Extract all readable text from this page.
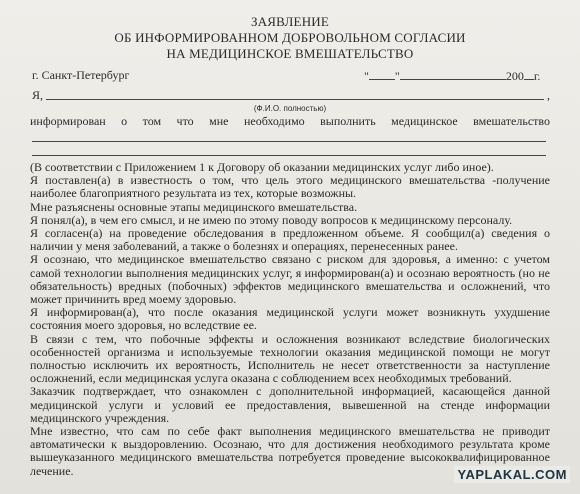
ЗАЯВЛЕНИЕ
ОБ ИНФОРМИРОВАННОМ ДОБРОВОЛЬНОМ СОГЛАСИИ
НА МЕДИЦИНСКОЕ ВМЕШАТЕЛЬСТВО
г. Санкт-Петербург	" "	200 г.
Я,	,
(Ф.И.О. полностью)
информирован о том что мне необходимо выполнить медицинское вмешательство

(В соответствии с Приложением 1 к Договору об оказании медицинских услуг либо иное).

Я поставлен(а) в известность о том, что цель этого медицинского вмешательства -получение наиболее благоприятного результата из тех, которые возможны.

Мне разъяснены основные этапы медицинского вмешательства.

Я понял(а), в чем его смысл, и не имею по этому поводу вопросов к медицинскому персоналу.

Я согласен(а) на проведение обследования в предложенном объеме. Я сообщил(а) сведения о наличии у меня заболеваний, а также о болезнях и операциях, перенесенных ранее.

Я осознаю, что медицинское вмешательство связано с риском для здоровья, а именно: с учетом самой технологии выполнения медицинских услуг, я информирован(а) и осознаю вероятность (но не обязательность) вредных (побочных) эффектов медицинского вмешательства и осложнений, что может причинить вред моему здоровью.

Я информирован(а), что после оказания медицинской услуги может возникнуть ухудшение состояния моего здоровья, но вследствие ее.

В связи с тем, что побочные эффекты и осложнения возникают вследствие биологических особенностей организма и используемые технологии оказания медицинской помощи не могут полностью исключить их вероятность, Исполнитель не несет ответственности за наступление осложнений, если медицинская услуга оказана с соблюдением всех необходимых требований.

Заказчик подтверждает, что ознакомлен с дополнительной информацией, касающейся данной медицинской услуги и условий ее предоставления, вывешенной на стенде информации медицинского учреждения.

Мне известно, что сам по себе факт выполнения медицинского вмешательства не приводит автоматически к выздоровлению. Осознаю, что для достижения необходимого результата кроме вышеуказанного медицинского вмешательства потребуется проведение высококвалифицированное лечение.	YAPLAKAL.COM
